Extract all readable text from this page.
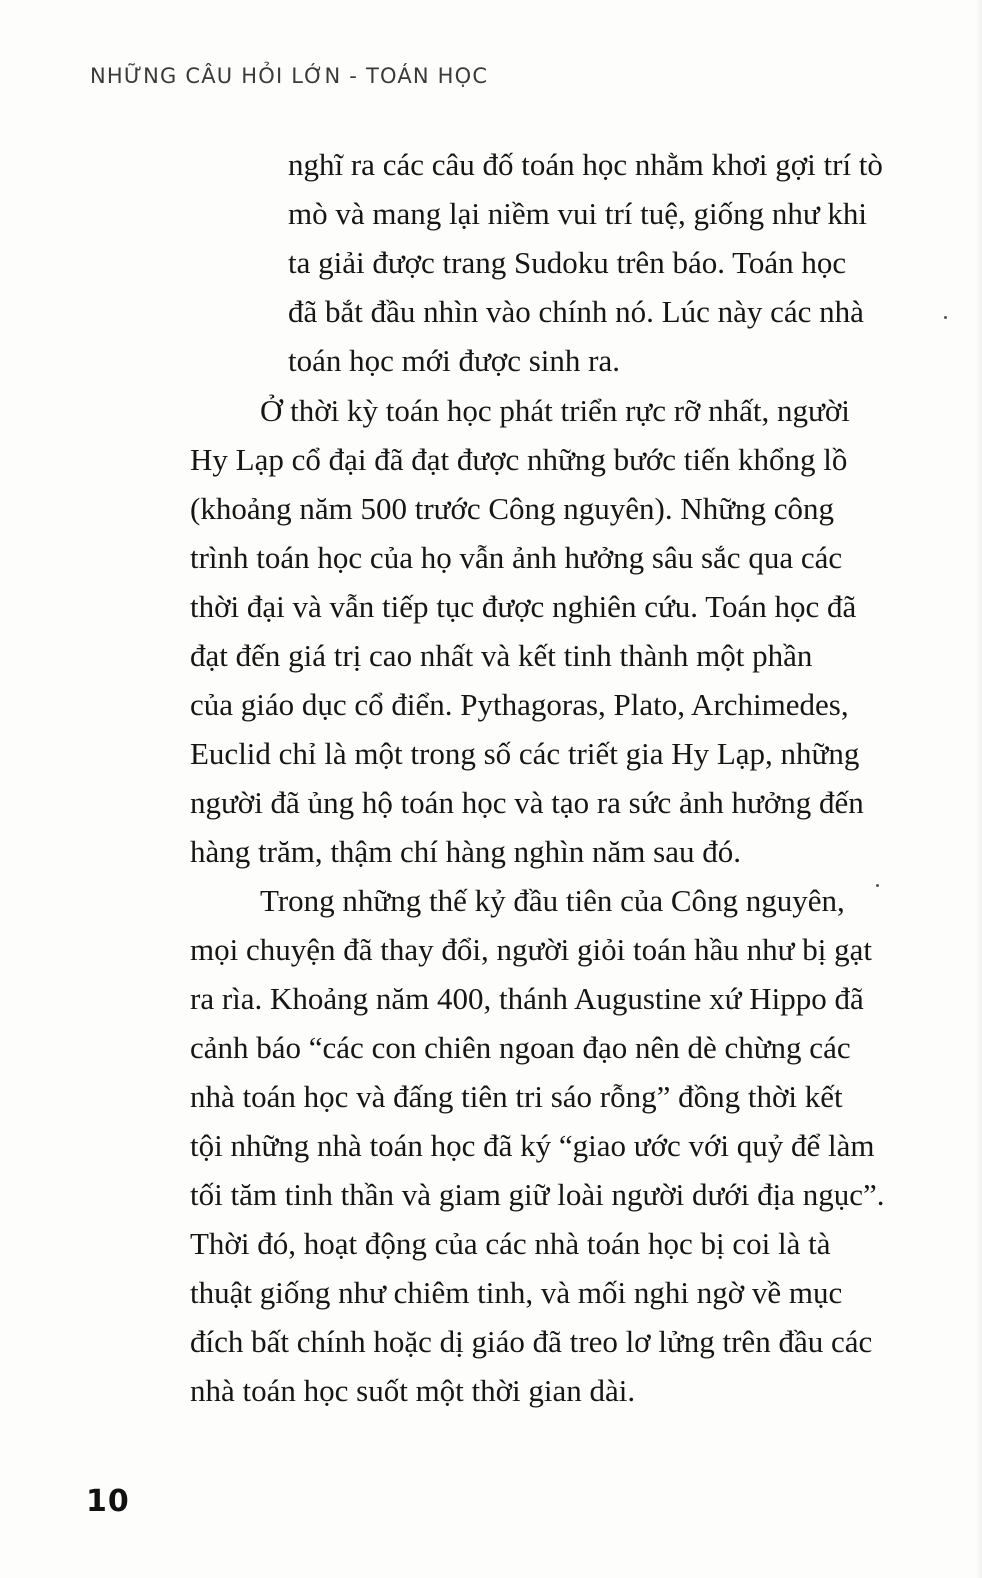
NHỮNG CÂU HỎI LỚN - TOÁN HỌC
nghĩ ra các câu đố toán học nhằm khơi gợi trí tò
mò và mang lại niềm vui trí tuệ, giống như khi
ta giải được trang Sudoku trên báo. Toán học
đã bắt đầu nhìn vào chính nó. Lúc này các nhà
toán học mới được sinh ra.
Ở thời kỳ toán học phát triển rực rỡ nhất, người
Hy Lạp cổ đại đã đạt được những bước tiến khổng lồ
(khoảng năm 500 trước Công nguyên). Những công
trình toán học của họ vẫn ảnh hưởng sâu sắc qua các
thời đại và vẫn tiếp tục được nghiên cứu. Toán học đã
đạt đến giá trị cao nhất và kết tinh thành một phần
của giáo dục cổ điển. Pythagoras, Plato, Archimedes,
Euclid chỉ là một trong số các triết gia Hy Lạp, những
người đã ủng hộ toán học và tạo ra sức ảnh hưởng đến
hàng trăm, thậm chí hàng nghìn năm sau đó.
Trong những thế kỷ đầu tiên của Công nguyên,
mọi chuyện đã thay đổi, người giỏi toán hầu như bị gạt
ra rìa. Khoảng năm 400, thánh Augustine xứ Hippo đã
cảnh báo “các con chiên ngoan đạo nên dè chừng các
nhà toán học và đấng tiên tri sáo rỗng” đồng thời kết
tội những nhà toán học đã ký “giao ước với quỷ để làm
tối tăm tinh thần và giam giữ loài người dưới địa ngục”.
Thời đó, hoạt động của các nhà toán học bị coi là tà
thuật giống như chiêm tinh, và mối nghi ngờ về mục
đích bất chính hoặc dị giáo đã treo lơ lửng trên đầu các
nhà toán học suốt một thời gian dài.
10
